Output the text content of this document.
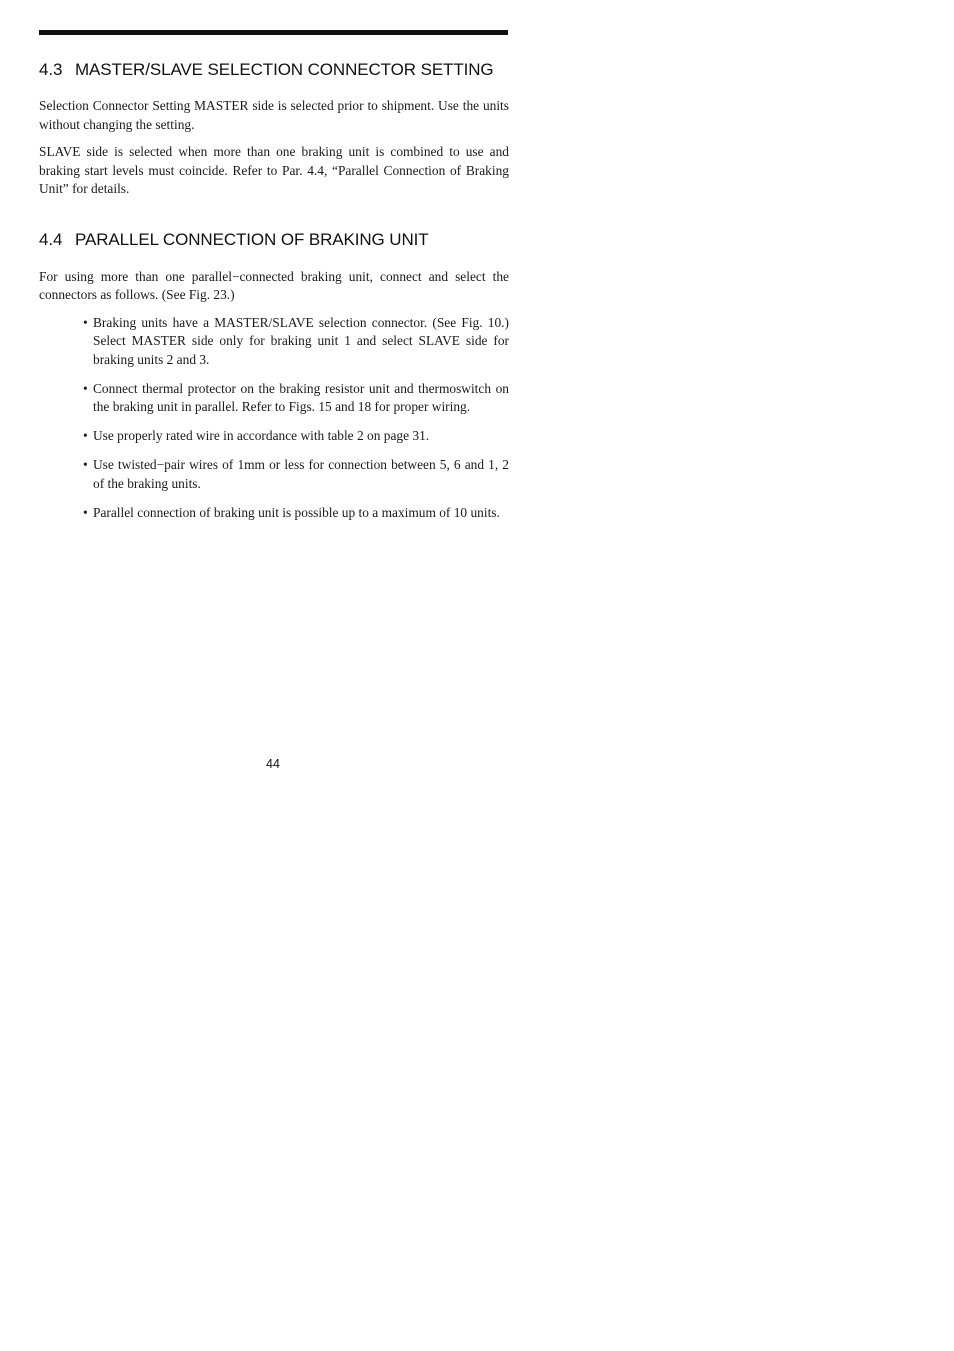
4.3 MASTER/SLAVE SELECTION CONNECTOR SETTING

Selection Connector Setting MASTER side is selected prior to shipment. Use the units without changing the setting.

SLAVE side is selected when more than one braking unit is combined to use and braking start levels must coincide. Refer to Par. 4.4, “Parallel Connection of Braking Unit” for details.

4.4 PARALLEL CONNECTION OF BRAKING UNIT

For using more than one parallel−connected braking unit, connect and select the connectors as follows. (See Fig. 23.)

• Braking units have a MASTER/SLAVE selection connector. (See Fig. 10.) Select MASTER side only for braking unit 1 and select SLAVE side for braking units 2 and 3.
• Connect thermal protector on the braking resistor unit and thermoswitch on the braking unit in parallel. Refer to Figs. 15 and 18 for proper wiring.
• Use properly rated wire in accordance with table 2 on page 31.
• Use twisted−pair wires of 1mm or less for connection between 5, 6 and 1, 2 of the braking units.
• Parallel connection of braking unit is possible up to a maximum of 10 units.
44
